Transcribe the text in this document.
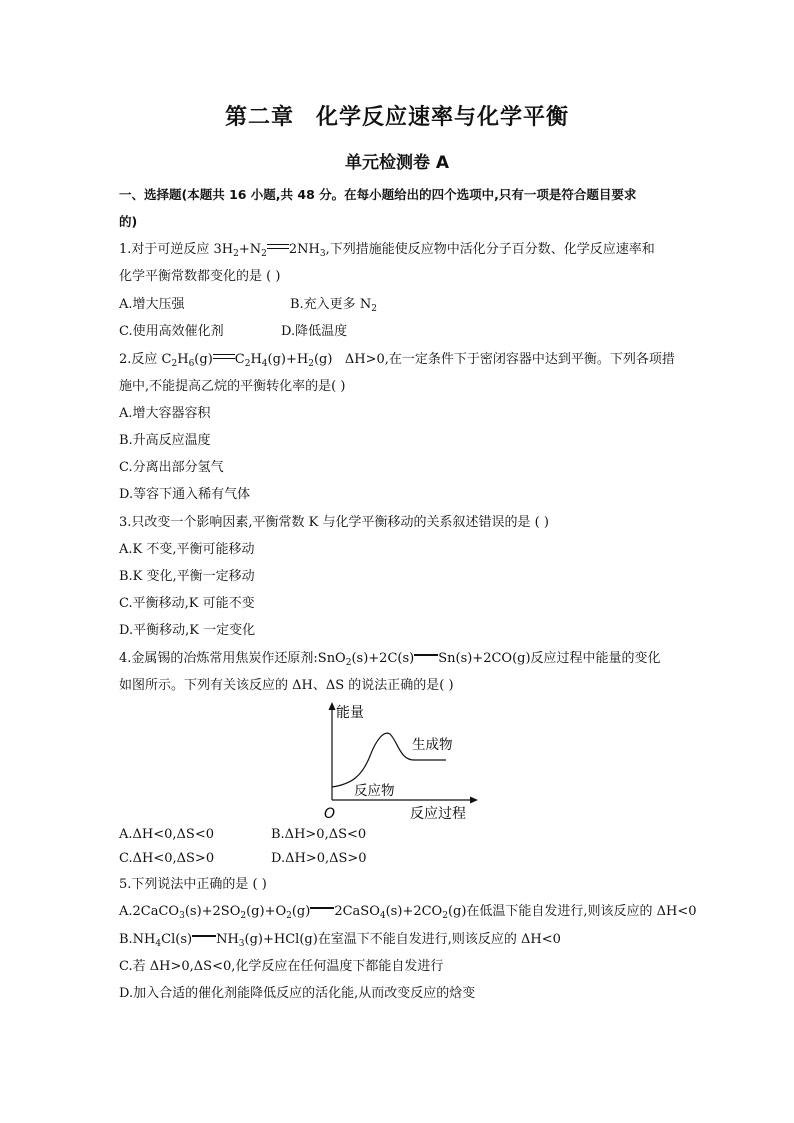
第二章 化学反应速率与化学平衡
单元检测卷 A
一、选择题(本题共 16 小题,共 48 分。在每小题给出的四个选项中,只有一项是符合题目要求
的)
1.对于可逆反应 $3H_2+N_2$ $2NH_3$,下列措施能使反应物中活化分子百分数、化学反应速率和
化学平衡常数都变化的是 ( )
A.增大压强	B.充入更多 $N_2$
C.使用高效催化剂	D.降低温度
2.反应 $C_2H_6(g)$ $C_2H_4(g)+H_2(g)$ ΔH>0,在一定条件下于密闭容器中达到平衡。下列各项措
施中,不能提高乙烷的平衡转化率的是( )
A.增大容器容积
B.升高反应温度
C.分离出部分氢气
D.等容下通入稀有气体
3.只改变一个影响因素,平衡常数 K 与化学平衡移动的关系叙述错误的是 ( )
A.K 不变,平衡可能移动
B.K 变化,平衡一定移动
C.平衡移动,K 可能不变
D.平衡移动,K 一定变化
4.金属锡的冶炼常用焦炭作还原剂:SnO$_2$(s)+2C(s) Sn(s)+2CO(g)反应过程中能量的变化
如图所示。下列有关该反应的 ΔH、ΔS 的说法正确的是( )
能量
生成物
反应物
O	反应过程
A.ΔH<0,ΔS<0	B.ΔH>0,ΔS<0
C.ΔH<0,ΔS>0	D.ΔH>0,ΔS>0
5.下列说法中正确的是 ( )
$A.2CaCO_3(s)+2SO_2(g)+O_2(g)$ $2CaSO_4(s)+2CO_2(g)$在低温下能自发进行,则该反应的 ΔH<0
$B.NH_4Cl(s)$ $NH_3(g)+HCl(g)$在室温下不能自发进行,则该反应的 ΔH<0
C.若 ΔH>0,ΔS<0,化学反应在任何温度下都能自发进行
D.加入合适的催化剂能降低反应的活化能,从而改变反应的焓变
